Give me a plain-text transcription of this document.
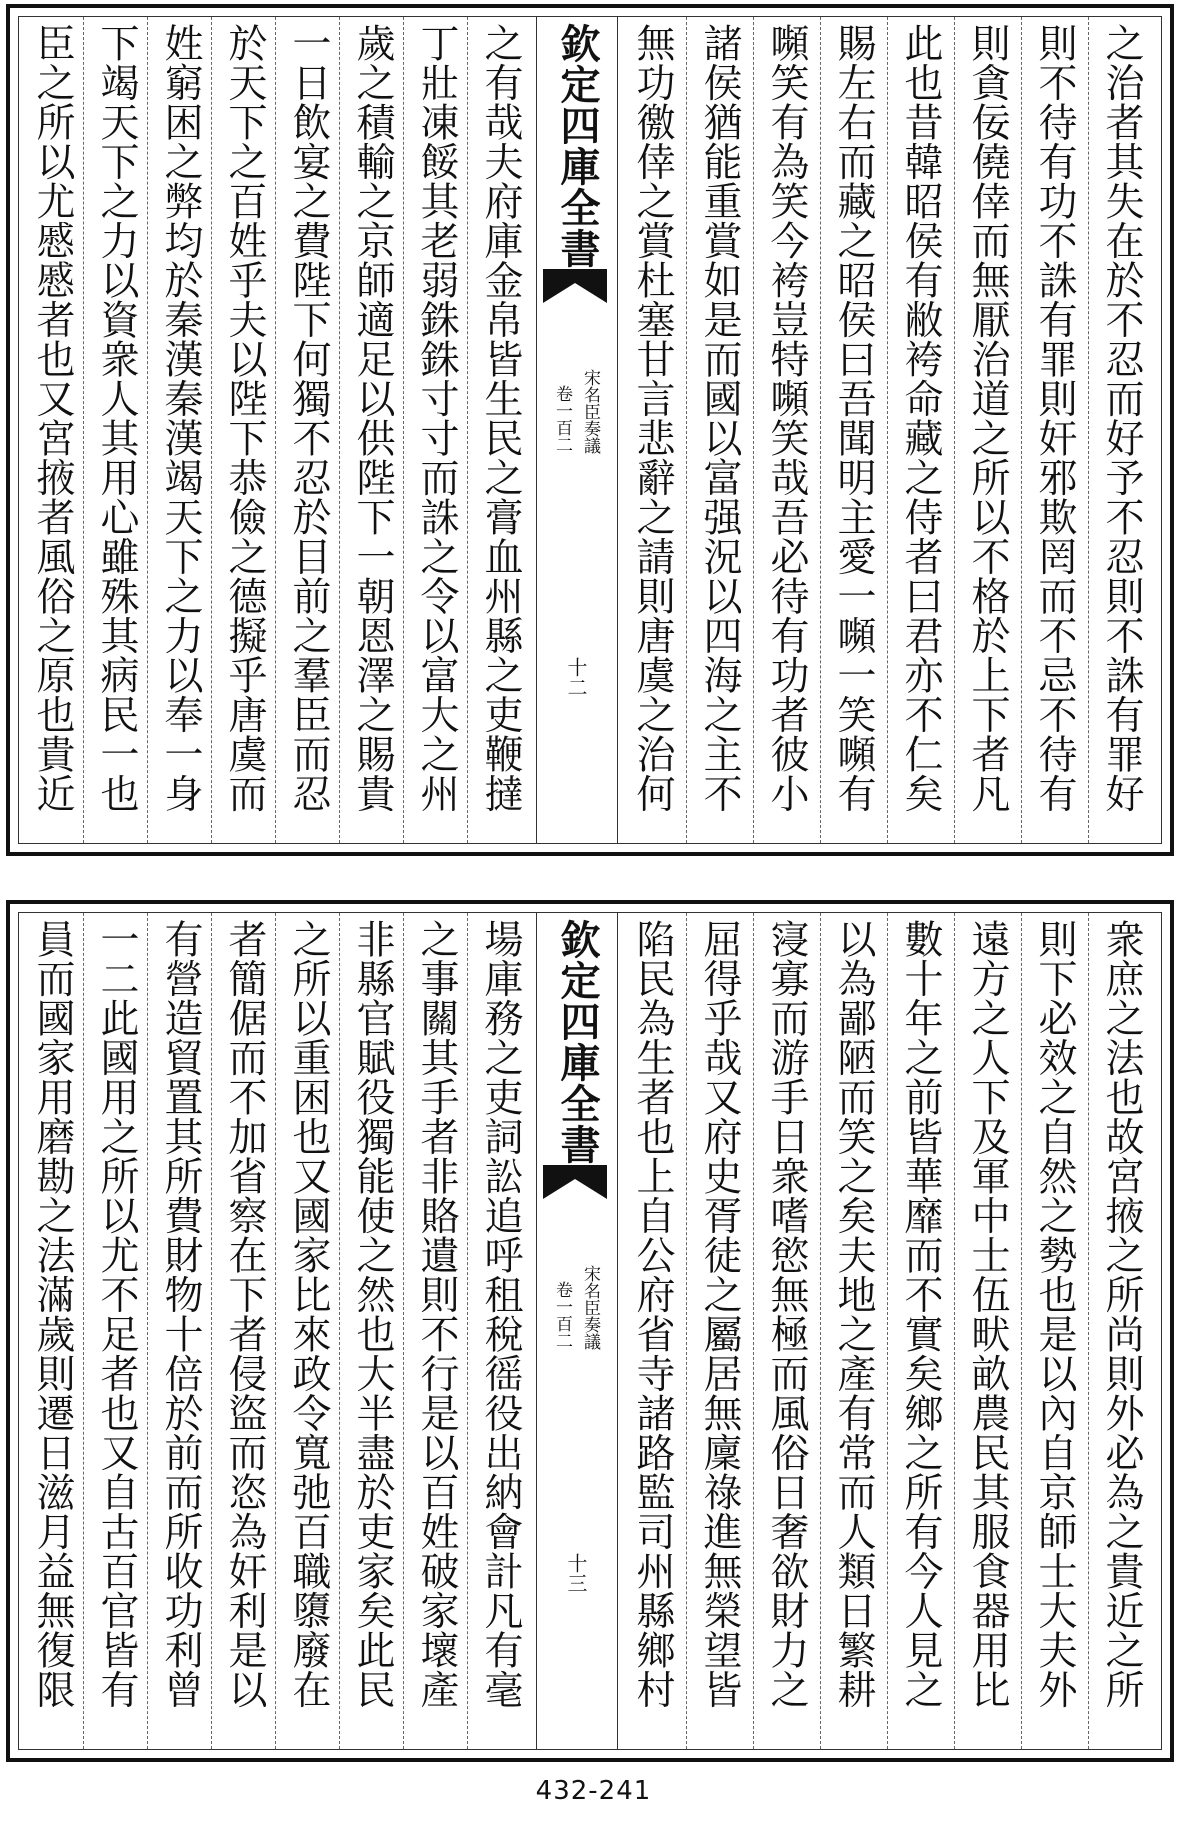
之治者其失在於不忍而好予不忍則不誅有罪好
則不待有功不誅有罪則奸邪欺罔而不忌不待有
則貪佞僥倖而無厭治道之所以不格於上下者凡
此也昔韓昭侯有敝袴命藏之侍者曰君亦不仁矣
賜左右而藏之昭侯曰吾聞明主愛一嚬一笑嚬有
嚬笑有為笑今袴豈特嚬笑哉吾必待有功者彼小
諸侯猶能重賞如是而國以富强況以四海之主不
無功徼倖之賞杜塞甘言悲辭之請則唐虞之治何
欽定四庫全書
宋名臣奏議
卷一百二
十二
之有哉夫府庫金帛皆生民之膏血州縣之吏鞭撻
丁壯凍餒其老弱銖銖寸寸而誅之令以富大之州
歲之積輸之京師適足以供陛下一朝恩澤之賜貴
一日飲宴之費陛下何獨不忍於目前之羣臣而忍
於天下之百姓乎夫以陛下恭儉之德擬乎唐虞而
姓窮困之弊均於秦漢秦漢竭天下之力以奉一身
下竭天下之力以資衆人其用心雖殊其病民一也
臣之所以尤慼慼者也又宮掖者風俗之原也貴近
衆庶之法也故宮掖之所尚則外必為之貴近之所
則下必效之自然之勢也是以內自京師士大夫外
遠方之人下及軍中士伍畎畝農民其服食器用比
數十年之前皆華靡而不實矣鄉之所有今人見之
以為鄙陋而笑之矣夫地之產有常而人類日繁耕
寖寡而游手日衆嗜慾無極而風俗日奢欲財力之
屈得乎哉又府史胥徒之屬居無廩祿進無榮望皆
陷民為生者也上自公府省寺諸路監司州縣鄉村
欽定四庫全書
宋名臣奏議
卷一百二
十三
場庫務之吏詞訟追呼租稅徭役出納會計凡有毫
之事關其手者非賂遺則不行是以百姓破家壞產
非縣官賦役獨能使之然也大半盡於吏家矣此民
之所以重困也又國家比來政令寬弛百職隳廢在
者簡倨而不加省察在下者侵盜而恣為奸利是以
有營造貿置其所費財物十倍於前而所收功利曾
一二此國用之所以尤不足者也又自古百官皆有
員而國家用磨勘之法滿歲則遷日滋月益無復限
432-241
